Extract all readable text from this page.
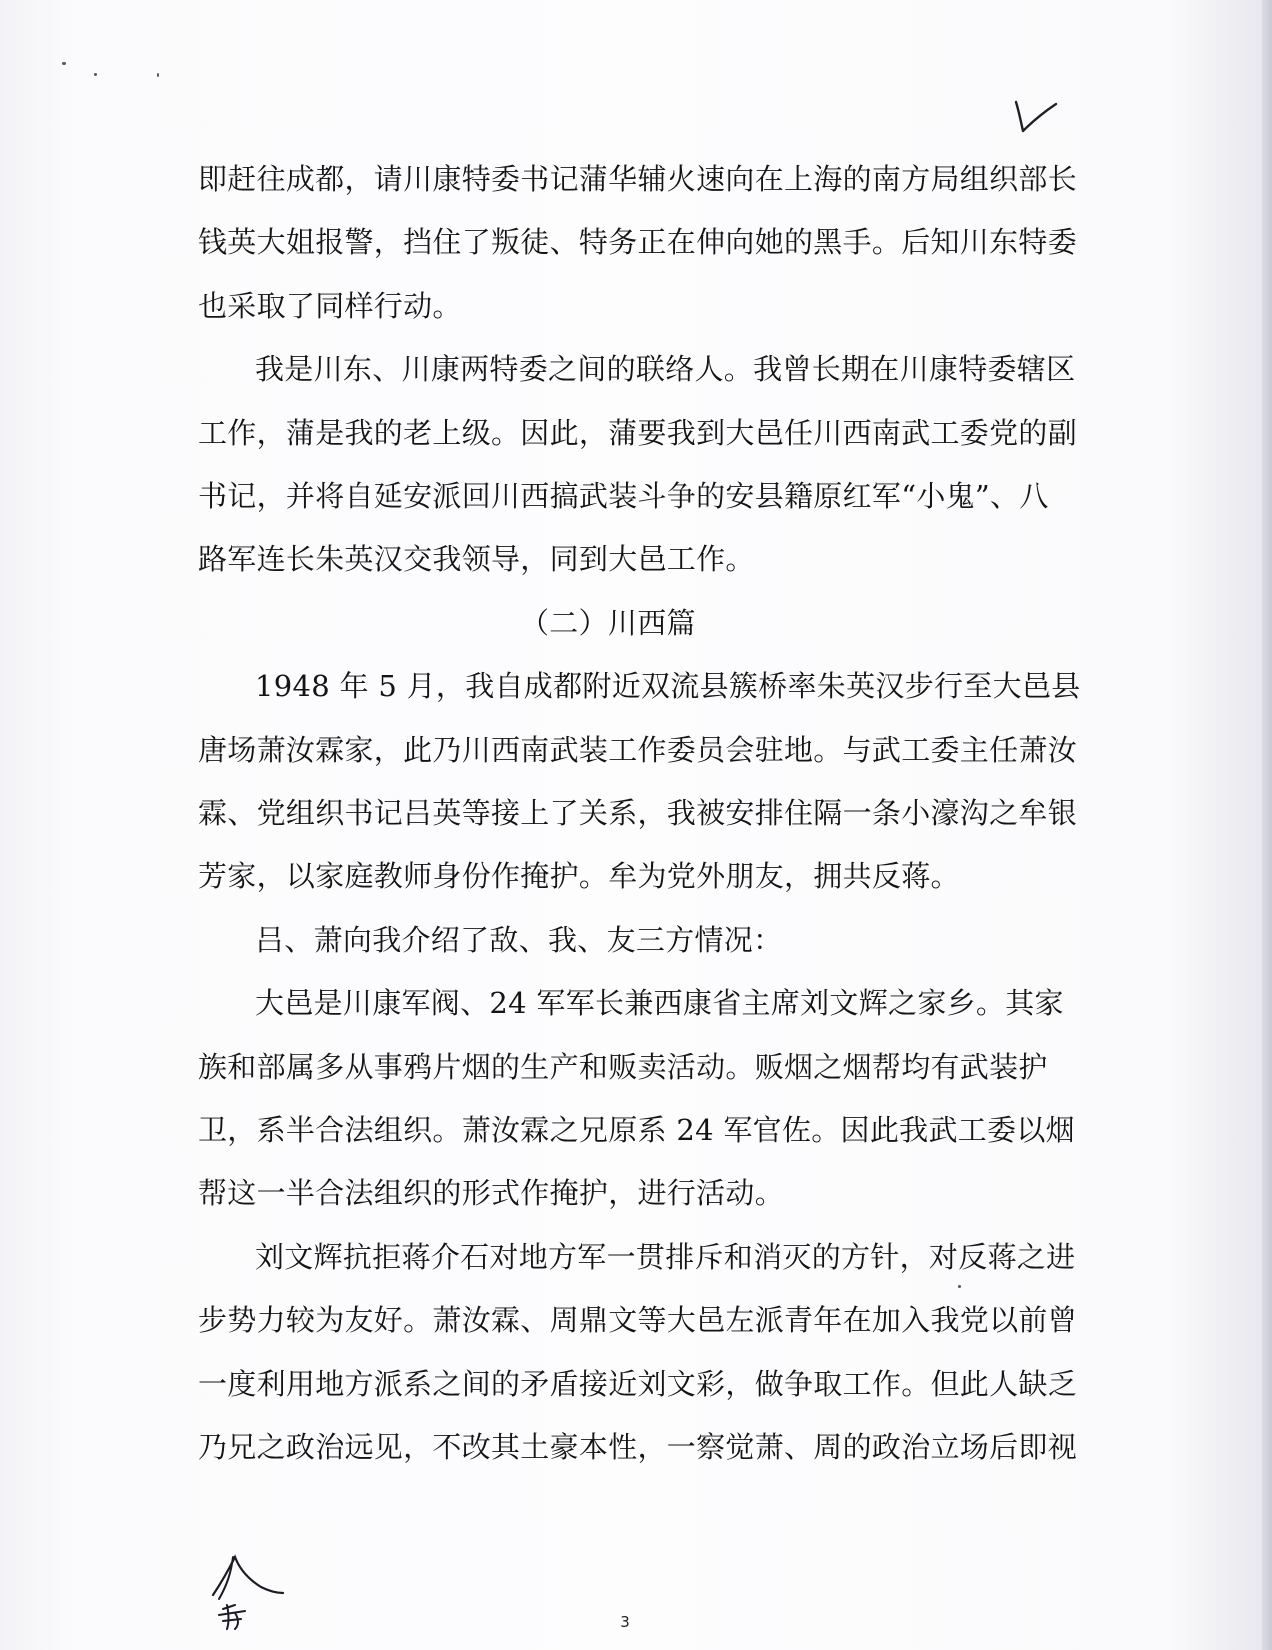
即赶往成都，请川康特委书记蒲华辅火速向在上海的南方局组织部长
钱英大姐报警，挡住了叛徒、特务正在伸向她的黑手。后知川东特委
也采取了同样行动。
我是川东、川康两特委之间的联络人。我曾长期在川康特委辖区
工作，蒲是我的老上级。因此，蒲要我到大邑任川西南武工委党的副
书记，并将自延安派回川西搞武装斗争的安县籍原红军“小鬼”、八
路军连长朱英汉交我领导，同到大邑工作。
（二）川西篇
1948 年 5 月，我自成都附近双流县簇桥率朱英汉步行至大邑县
唐场萧汝霖家，此乃川西南武装工作委员会驻地。与武工委主任萧汝
霖、党组织书记吕英等接上了关系，我被安排住隔一条小濠沟之牟银
芳家，以家庭教师身份作掩护。牟为党外朋友，拥共反蒋。
吕、萧向我介绍了敌、我、友三方情况：
大邑是川康军阀、24 军军长兼西康省主席刘文辉之家乡。其家
族和部属多从事鸦片烟的生产和贩卖活动。贩烟之烟帮均有武装护
卫，系半合法组织。萧汝霖之兄原系 24 军官佐。因此我武工委以烟
帮这一半合法组织的形式作掩护，进行活动。
刘文辉抗拒蒋介石对地方军一贯排斥和消灭的方针，对反蒋之进
步势力较为友好。萧汝霖、周鼎文等大邑左派青年在加入我党以前曾
一度利用地方派系之间的矛盾接近刘文彩，做争取工作。但此人缺乏
乃兄之政治远见，不改其土豪本性，一察觉萧、周的政治立场后即视
3
